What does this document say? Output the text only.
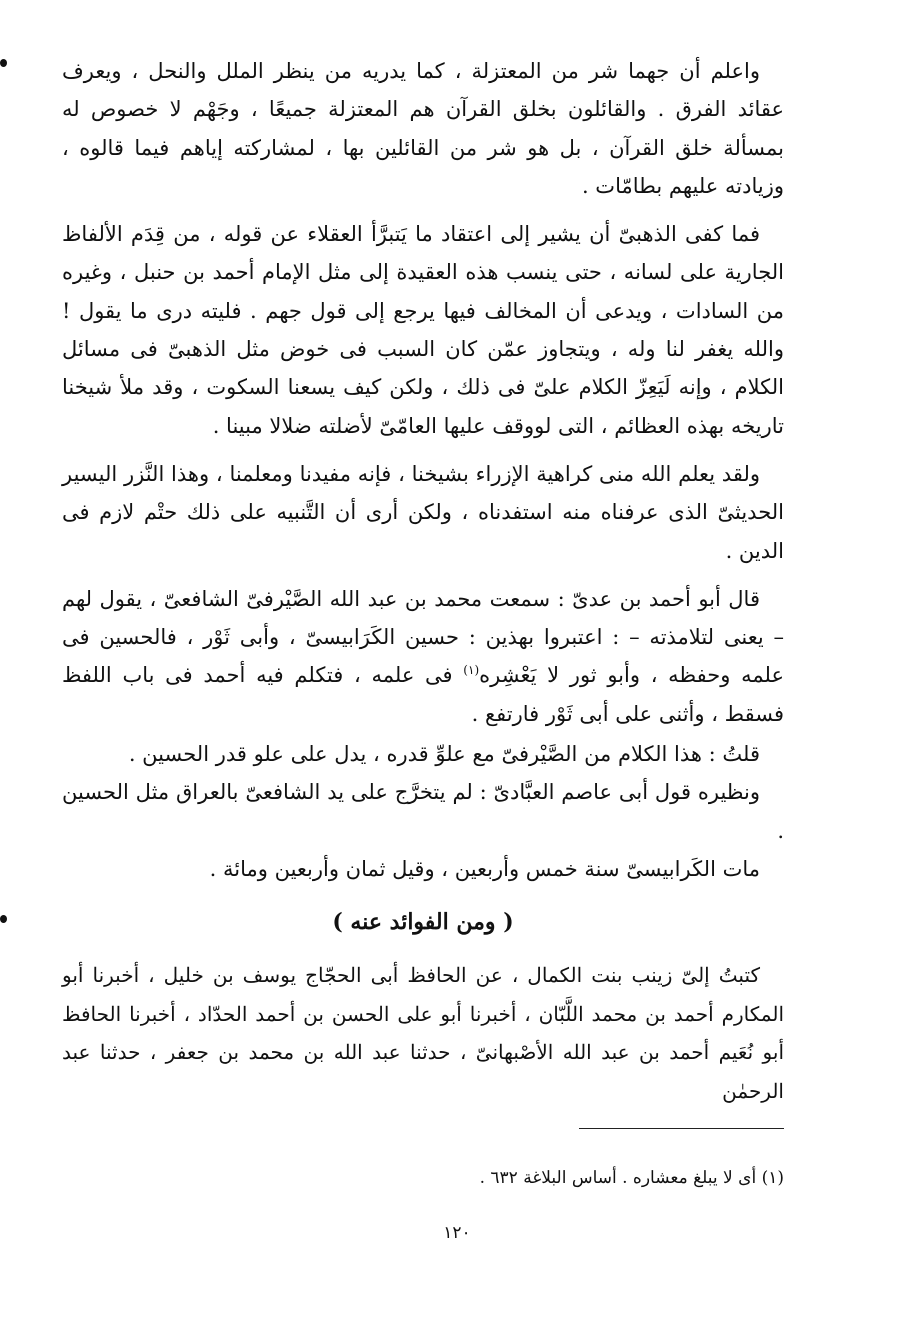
واعلم أن جهما شر من المعتزلة ، كما يدريه من ينظر الملل والنحل ، ويعرف عقائد الفرق . والقائلون بخلق القرآن هم المعتزلة جميعًا ، وجَهْم لا خصوص له بمسألة خلق القرآن ، بل هو شر من القائلين بها ، لمشاركته إياهم فيما قالوه ، وزيادته عليهم بطامّات .

فما كفى الذهبىّ أن يشير إلى اعتقاد ما يَتبرَّأ العقلاء عن قوله ، من قِدَم الألفاظ الجارية على لسانه ، حتى ينسب هذه العقيدة إلى مثل الإمام أحمد بن حنبل ، وغيره من السادات ، ويدعى أن المخالف فيها يرجع إلى قول جهم . فليته درى ما يقول ! والله يغفر لنا وله ، ويتجاوز عمّن كان السبب فى خوض مثل الذهبىّ فى مسائل الكلام ، وإنه لَيَعِزّ الكلام علىّ فى ذلك ، ولكن كيف يسعنا السكوت ، وقد ملأ شيخنا تاريخه بهذه العظائم ، التى لووقف عليها العامّىّ لأضلته ضلالا مبينا .

ولقد يعلم الله منى كراهية الإزراء بشيخنا ، فإنه مفيدنا ومعلمنا ، وهذا النَّزر اليسير الحديثىّ الذى عرفناه منه استفدناه ، ولكن أرى أن التَّنبيه على ذلك حتْم لازم فى الدين .

قال أبو أحمد بن عدىّ : سمعت محمد بن عبد الله الصَّيْرفىّ الشافعىّ ، يقول لهم – يعنى لتلامذته – : اعتبروا بهذين : حسين الكَرَابيسىّ ، وأبى ثَوْر ، فالحسين فى علمه وحفظه ، وأبو ثور لا يَعْشِره$^{(١)}$ فى علمه ، فتكلم فيه أحمد فى باب اللفظ فسقط ، وأثنى على أبى ثَوْر فارتفع .

قلتُ : هذا الكلام من الصَّيْرفىّ مع علوِّ قدره ، يدل على علو قدر الحسين .

ونظيره قول أبى عاصم العبَّادىّ : لم يتخرَّج على يد الشافعىّ بالعراق مثل الحسين .

مات الكَرابيسىّ سنة خمس وأربعين ، وقيل ثمان وأربعين ومائة .

( ومن الفوائد عنه )

كتبتُ إلىّ زينب بنت الكمال ، عن الحافظ أبى الحجّاج يوسف بن خليل ، أخبرنا أبو المكارم أحمد بن محمد اللَّبّان ، أخبرنا أبو على الحسن بن أحمد الحدّاد ، أخبرنا الحافظ أبو نُعَيم أحمد بن عبد الله الأصْبهانىّ ، حدثنا عبد الله بن محمد بن جعفر ، حدثنا عبد الرحمٰن

(١) أى لا يبلغ معشاره . أساس البلاغة ٦٣٢ .
١٢٠
